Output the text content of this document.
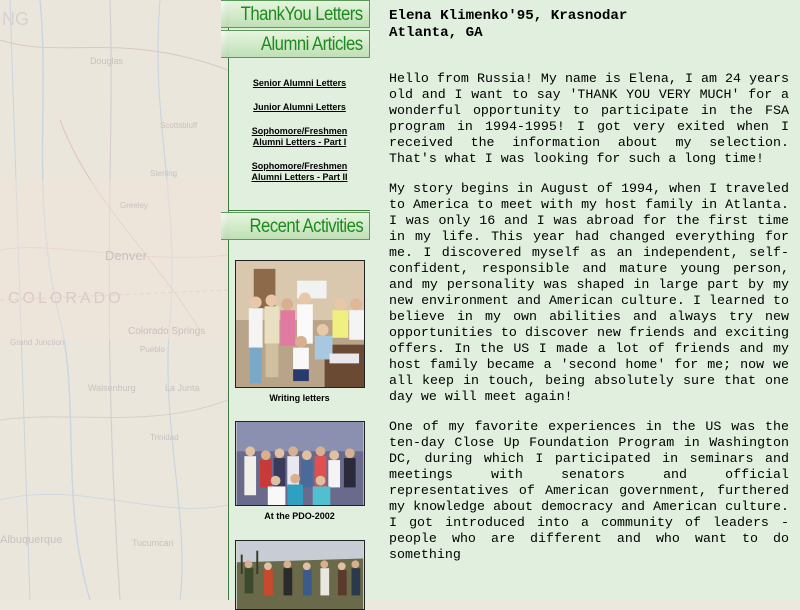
NG
Douglas
Scottsbluff
Sterling
Greeley
Denver
COLORADO
Grand Junction
Colorado Springs
Pueblo
Walsenburg	La Junta
Trinidad
Albuquerque	Tucumcari
ThankYou Letters
Alumni Articles
Senior Alumni Letters
Junior Alumni Letters
Sophomore/Freshmen Alumni Letters - Part I
Sophomore/Freshmen Alumni Letters - Part II
Recent Activities
Writing letters
At the PDO-2002
Elena Klimenko'95, Krasnodar
Atlanta, GA
Hello from Russia! My name is Elena, I am 24 years old and I want to say 'THANK YOU VERY MUCH' for a wonderful opportunity to participate in the FSA program in 1994-1995! I got very exited when I received the information about my selection. That's what I was looking for such a long time!
My story begins in August of 1994, when I traveled to America to meet with my host family in Atlanta. I was only 16 and I was abroad for the first time in my life. This year had changed everything for me. I discovered myself as an independent, self-confident, responsible and mature young person, and my personality was shaped in large part by my new environment and American culture. I learned to believe in my own abilities and always try new opportunities to discover new friends and exciting offers. In the US I made a lot of friends and my host family became a 'second home' for me; now we all keep in touch, being absolutely sure that one day we will meet again!
One of my favorite experiences in the US was the ten-day Close Up Foundation Program in Washington DC, during which I participated in seminars and meetings with senators and official representatives of American government, furthered my knowledge about democracy and American culture. I got introduced into a community of leaders - people who are different and who want to do something
